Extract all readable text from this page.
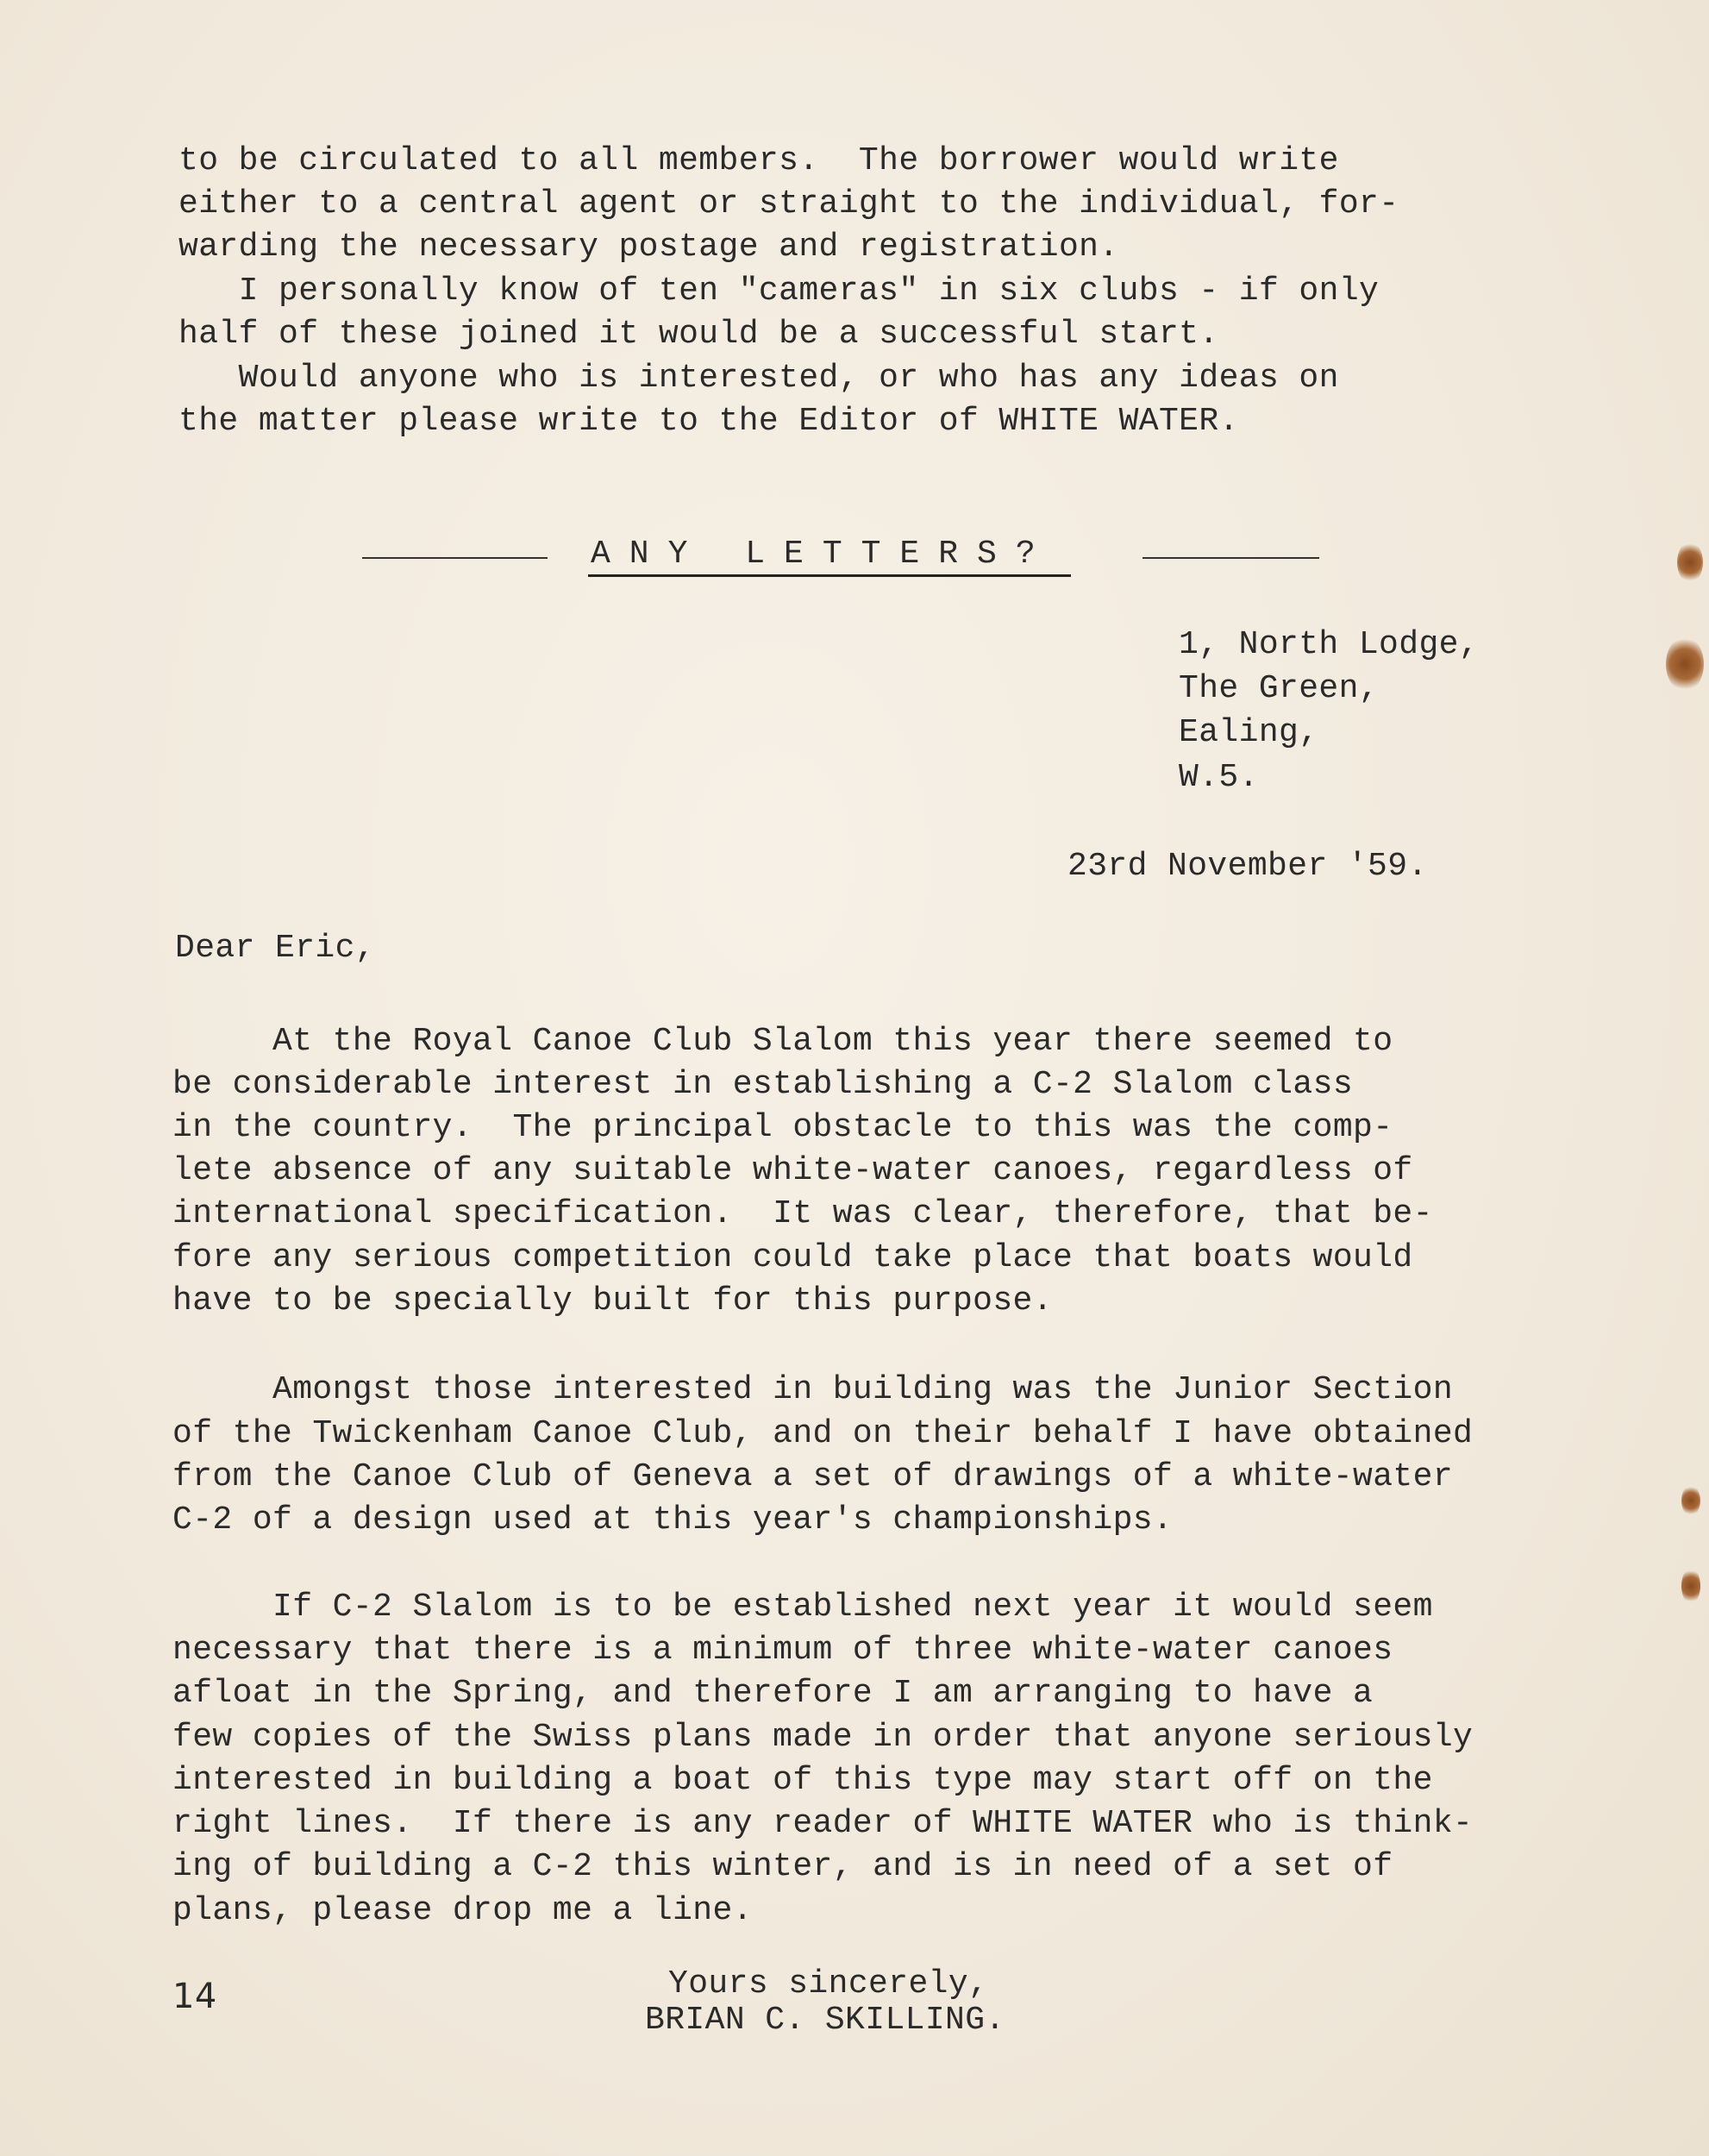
to be circulated to all members.  The borrower would write

either to a central agent or straight to the individual, for-

warding the necessary postage and registration.

I personally know of ten "cameras" in six clubs - if only

half of these joined it would be a successful start.

Would anyone who is interested, or who has any ideas on

the matter please write to the Editor of WHITE WATER.

ANY LETTERS?

1, North Lodge,

The Green,

Ealing,

W.5.

23rd November '59.

Dear Eric,

At the Royal Canoe Club Slalom this year there seemed to

be considerable interest in establishing a C-2 Slalom class

in the country.  The principal obstacle to this was the comp-

lete absence of any suitable white-water canoes, regardless of

international specification.  It was clear, therefore, that be-

fore any serious competition could take place that boats would

have to be specially built for this purpose.

Amongst those interested in building was the Junior Section

of the Twickenham Canoe Club, and on their behalf I have obtained

from the Canoe Club of Geneva a set of drawings of a white-water

C-2 of a design used at this year's championships.

If C-2 Slalom is to be established next year it would seem

necessary that there is a minimum of three white-water canoes

afloat in the Spring, and therefore I am arranging to have a

few copies of the Swiss plans made in order that anyone seriously

interested in building a boat of this type may start off on the

right lines.  If there is any reader of WHITE WATER who is think-

ing of building a C-2 this winter, and is in need of a set of

plans, please drop me a line.

Yours sincerely,

BRIAN C. SKILLING.

14
